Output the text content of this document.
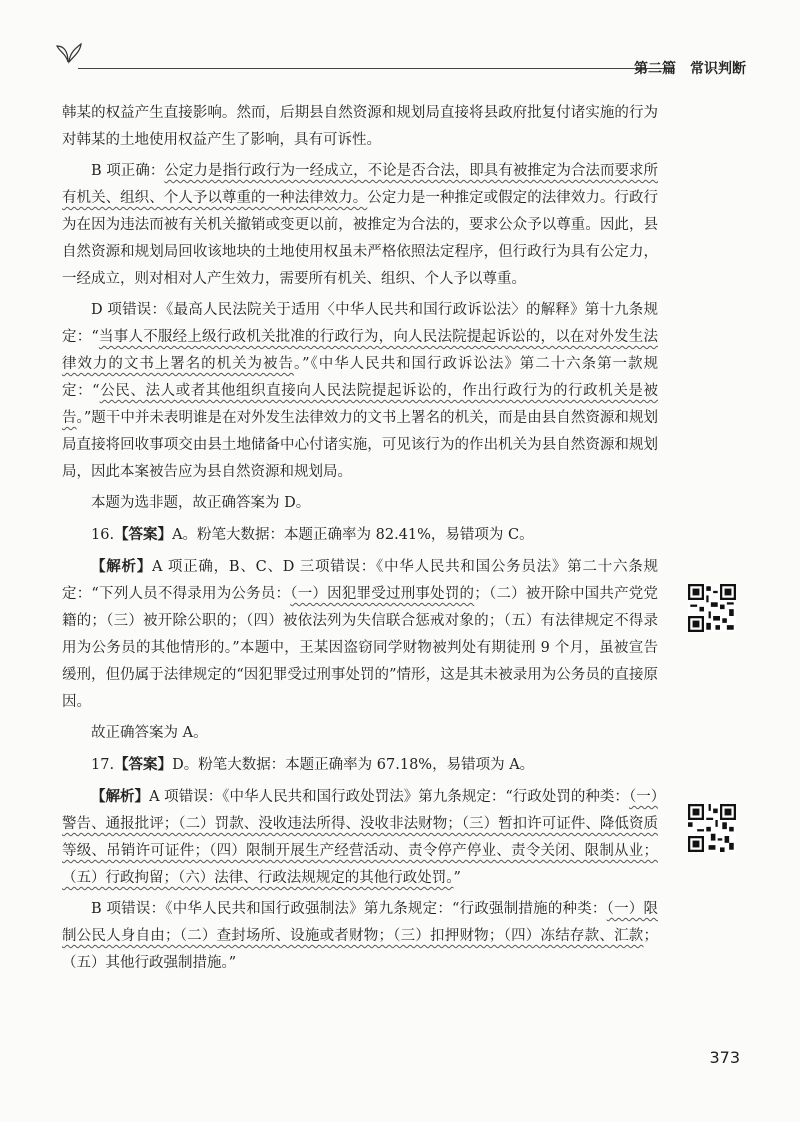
第二篇　常识判断

韩某的权益产生直接影响。然而，后期县自然资源和规划局直接将县政府批复付诸实施的行为对韩某的土地使用权益产生了影响，具有可诉性。

B 项正确：公定力是指行政行为一经成立，不论是否合法，即具有被推定为合法而要求所有机关、组织、个人予以尊重的一种法律效力。公定力是一种推定或假定的法律效力。行政行为在因为违法而被有关机关撤销或变更以前，被推定为合法的，要求公众予以尊重。因此，县自然资源和规划局回收该地块的土地使用权虽未严格依照法定程序，但行政行为具有公定力，一经成立，则对相对人产生效力，需要所有机关、组织、个人予以尊重。

D 项错误：《最高人民法院关于适用〈中华人民共和国行政诉讼法〉的解释》第十九条规定：“当事人不服经上级行政机关批准的行政行为，向人民法院提起诉讼的，以在对外发生法律效力的文书上署名的机关为被告。”《中华人民共和国行政诉讼法》第二十六条第一款规定：“公民、法人或者其他组织直接向人民法院提起诉讼的，作出行政行为的行政机关是被告。”题干中并未表明谁是在对外发生法律效力的文书上署名的机关，而是由县自然资源和规划局直接将回收事项交由县土地储备中心付诸实施，可见该行为的作出机关为县自然资源和规划局，因此本案被告应为县自然资源和规划局。

本题为选非题，故正确答案为 D。

16.【答案】A。粉笔大数据：本题正确率为 82.41%，易错项为 C。

【解析】A 项正确，B、C、D 三项错误：《中华人民共和国公务员法》第二十六条规定：“下列人员不得录用为公务员：（一）因犯罪受过刑事处罚的；（二）被开除中国共产党党籍的；（三）被开除公职的；（四）被依法列为失信联合惩戒对象的；（五）有法律规定不得录用为公务员的其他情形的。”本题中，王某因盗窃同学财物被判处有期徒刑 9 个月，虽被宣告缓刑，但仍属于法律规定的“因犯罪受过刑事处罚的”情形，这是其未被录用为公务员的直接原因。

故正确答案为 A。

17.【答案】D。粉笔大数据：本题正确率为 67.18%，易错项为 A。

【解析】A 项错误：《中华人民共和国行政处罚法》第九条规定：“行政处罚的种类：（一）警告、通报批评；（二）罚款、没收违法所得、没收非法财物；（三）暂扣许可证件、降低资质等级、吊销许可证件；（四）限制开展生产经营活动、责令停产停业、责令关闭、限制从业；（五）行政拘留；（六）法律、行政法规规定的其他行政处罚。”

B 项错误：《中华人民共和国行政强制法》第九条规定：“行政强制措施的种类：（一）限制公民人身自由；（二）查封场所、设施或者财物；（三）扣押财物；（四）冻结存款、汇款；（五）其他行政强制措施。”

373
